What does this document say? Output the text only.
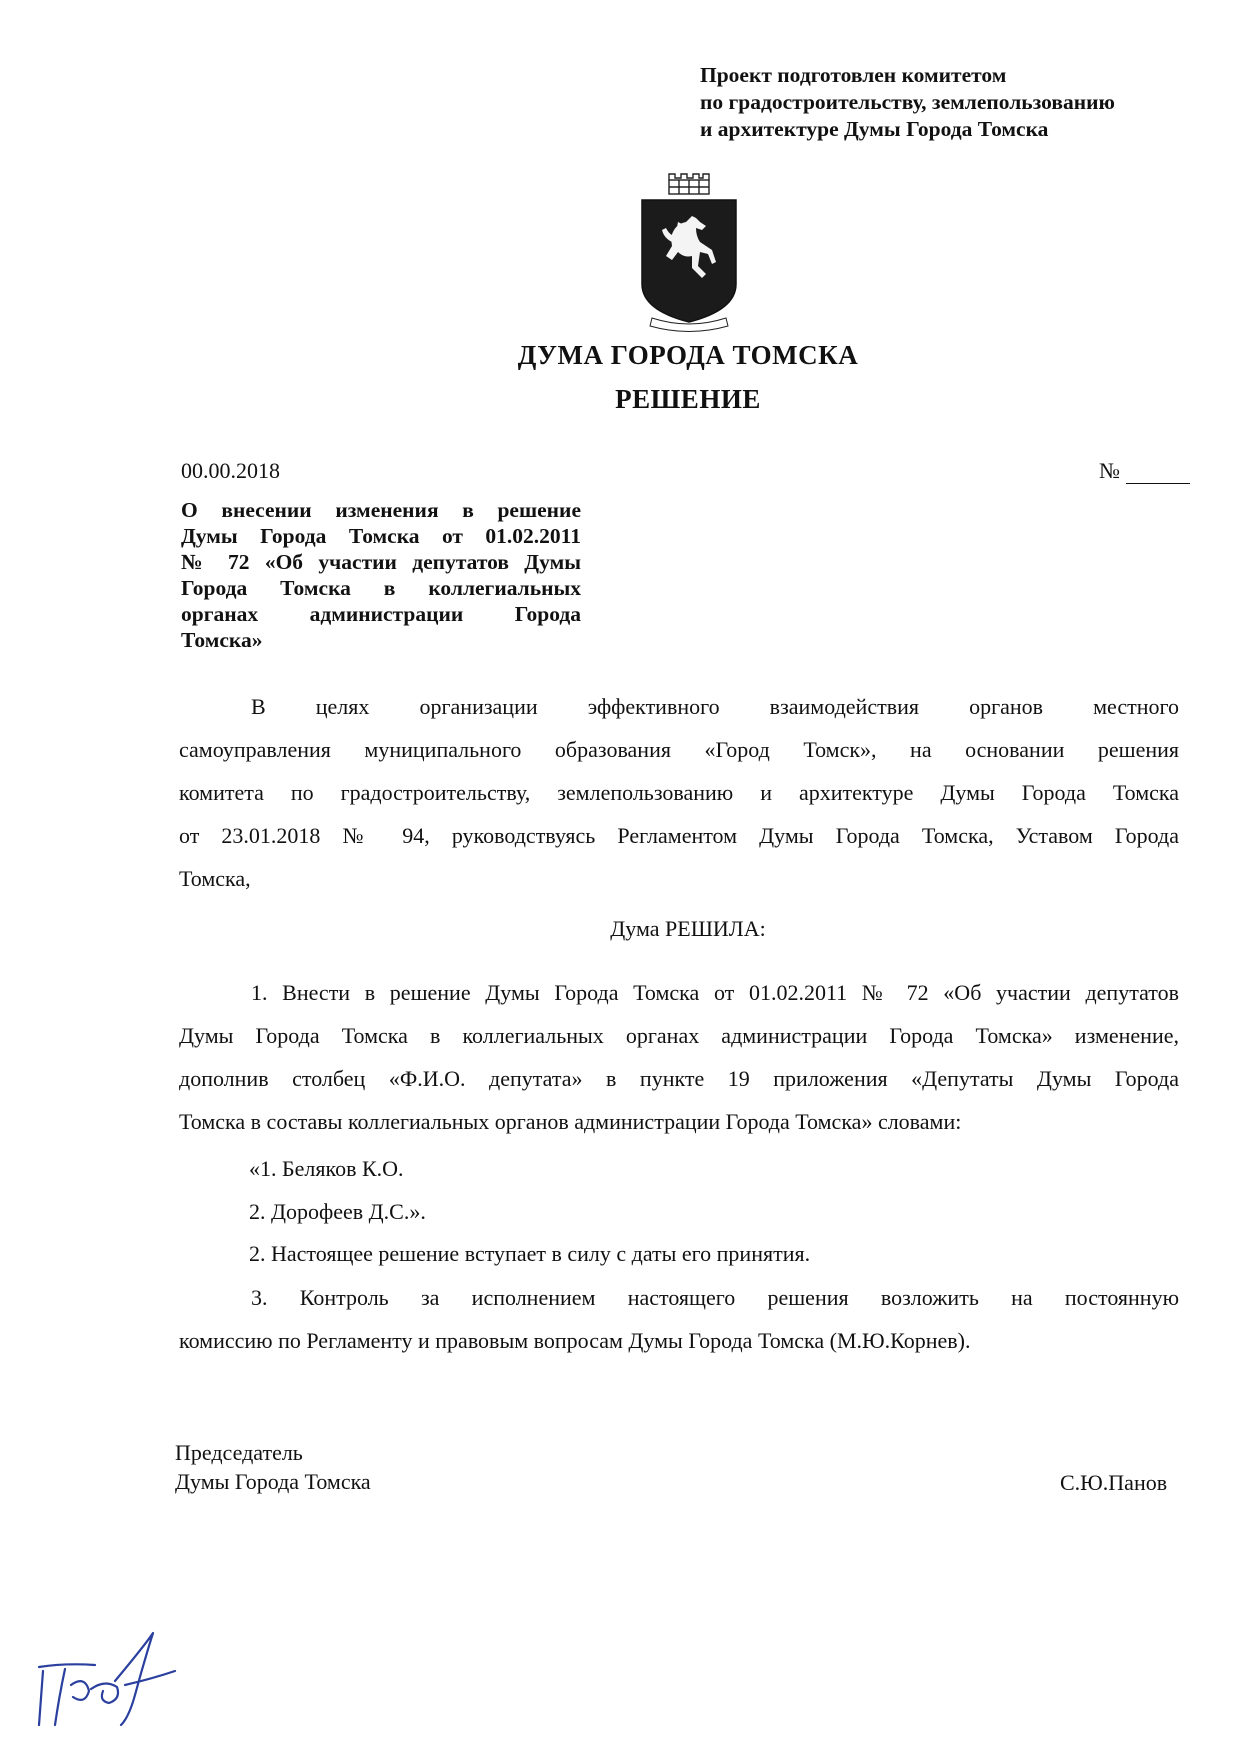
Проект подготовлен комитетом
по градостроительству, землепользованию
и архитектуре Думы Города Томска
ДУМА ГОРОДА ТОМСКА
РЕШЕНИЕ
00.00.2018	№
О внесении изменения в решение
Думы Города Томска от 01.02.2011
№ 72 «Об участии депутатов Думы
Города Томска в коллегиальных
органах администрации Города
Томска»
В целях организации эффективного взаимодействия органов местного
самоуправления муниципального образования «Город Томск», на основании решения
комитета по градостроительству, землепользованию и архитектуре Думы Города Томска
от 23.01.2018 № 94, руководствуясь Регламентом Думы Города Томска, Уставом Города
Томска,
Дума РЕШИЛА:
1. Внести в решение Думы Города Томска от 01.02.2011 № 72 «Об участии депутатов
Думы Города Томска в коллегиальных органах администрации Города Томска» изменение,
дополнив столбец «Ф.И.О. депутата» в пункте 19 приложения «Депутаты Думы Города
Томска в составы коллегиальных органов администрации Города Томска» словами:
«1. Беляков К.О.
2. Дорофеев Д.С.».
2. Настоящее решение вступает в силу с даты его принятия.
3. Контроль за исполнением настоящего решения возложить на постоянную
комиссию по Регламенту и правовым вопросам Думы Города Томска (М.Ю.Корнев).
Председатель
Думы Города Томска	С.Ю.Панов
